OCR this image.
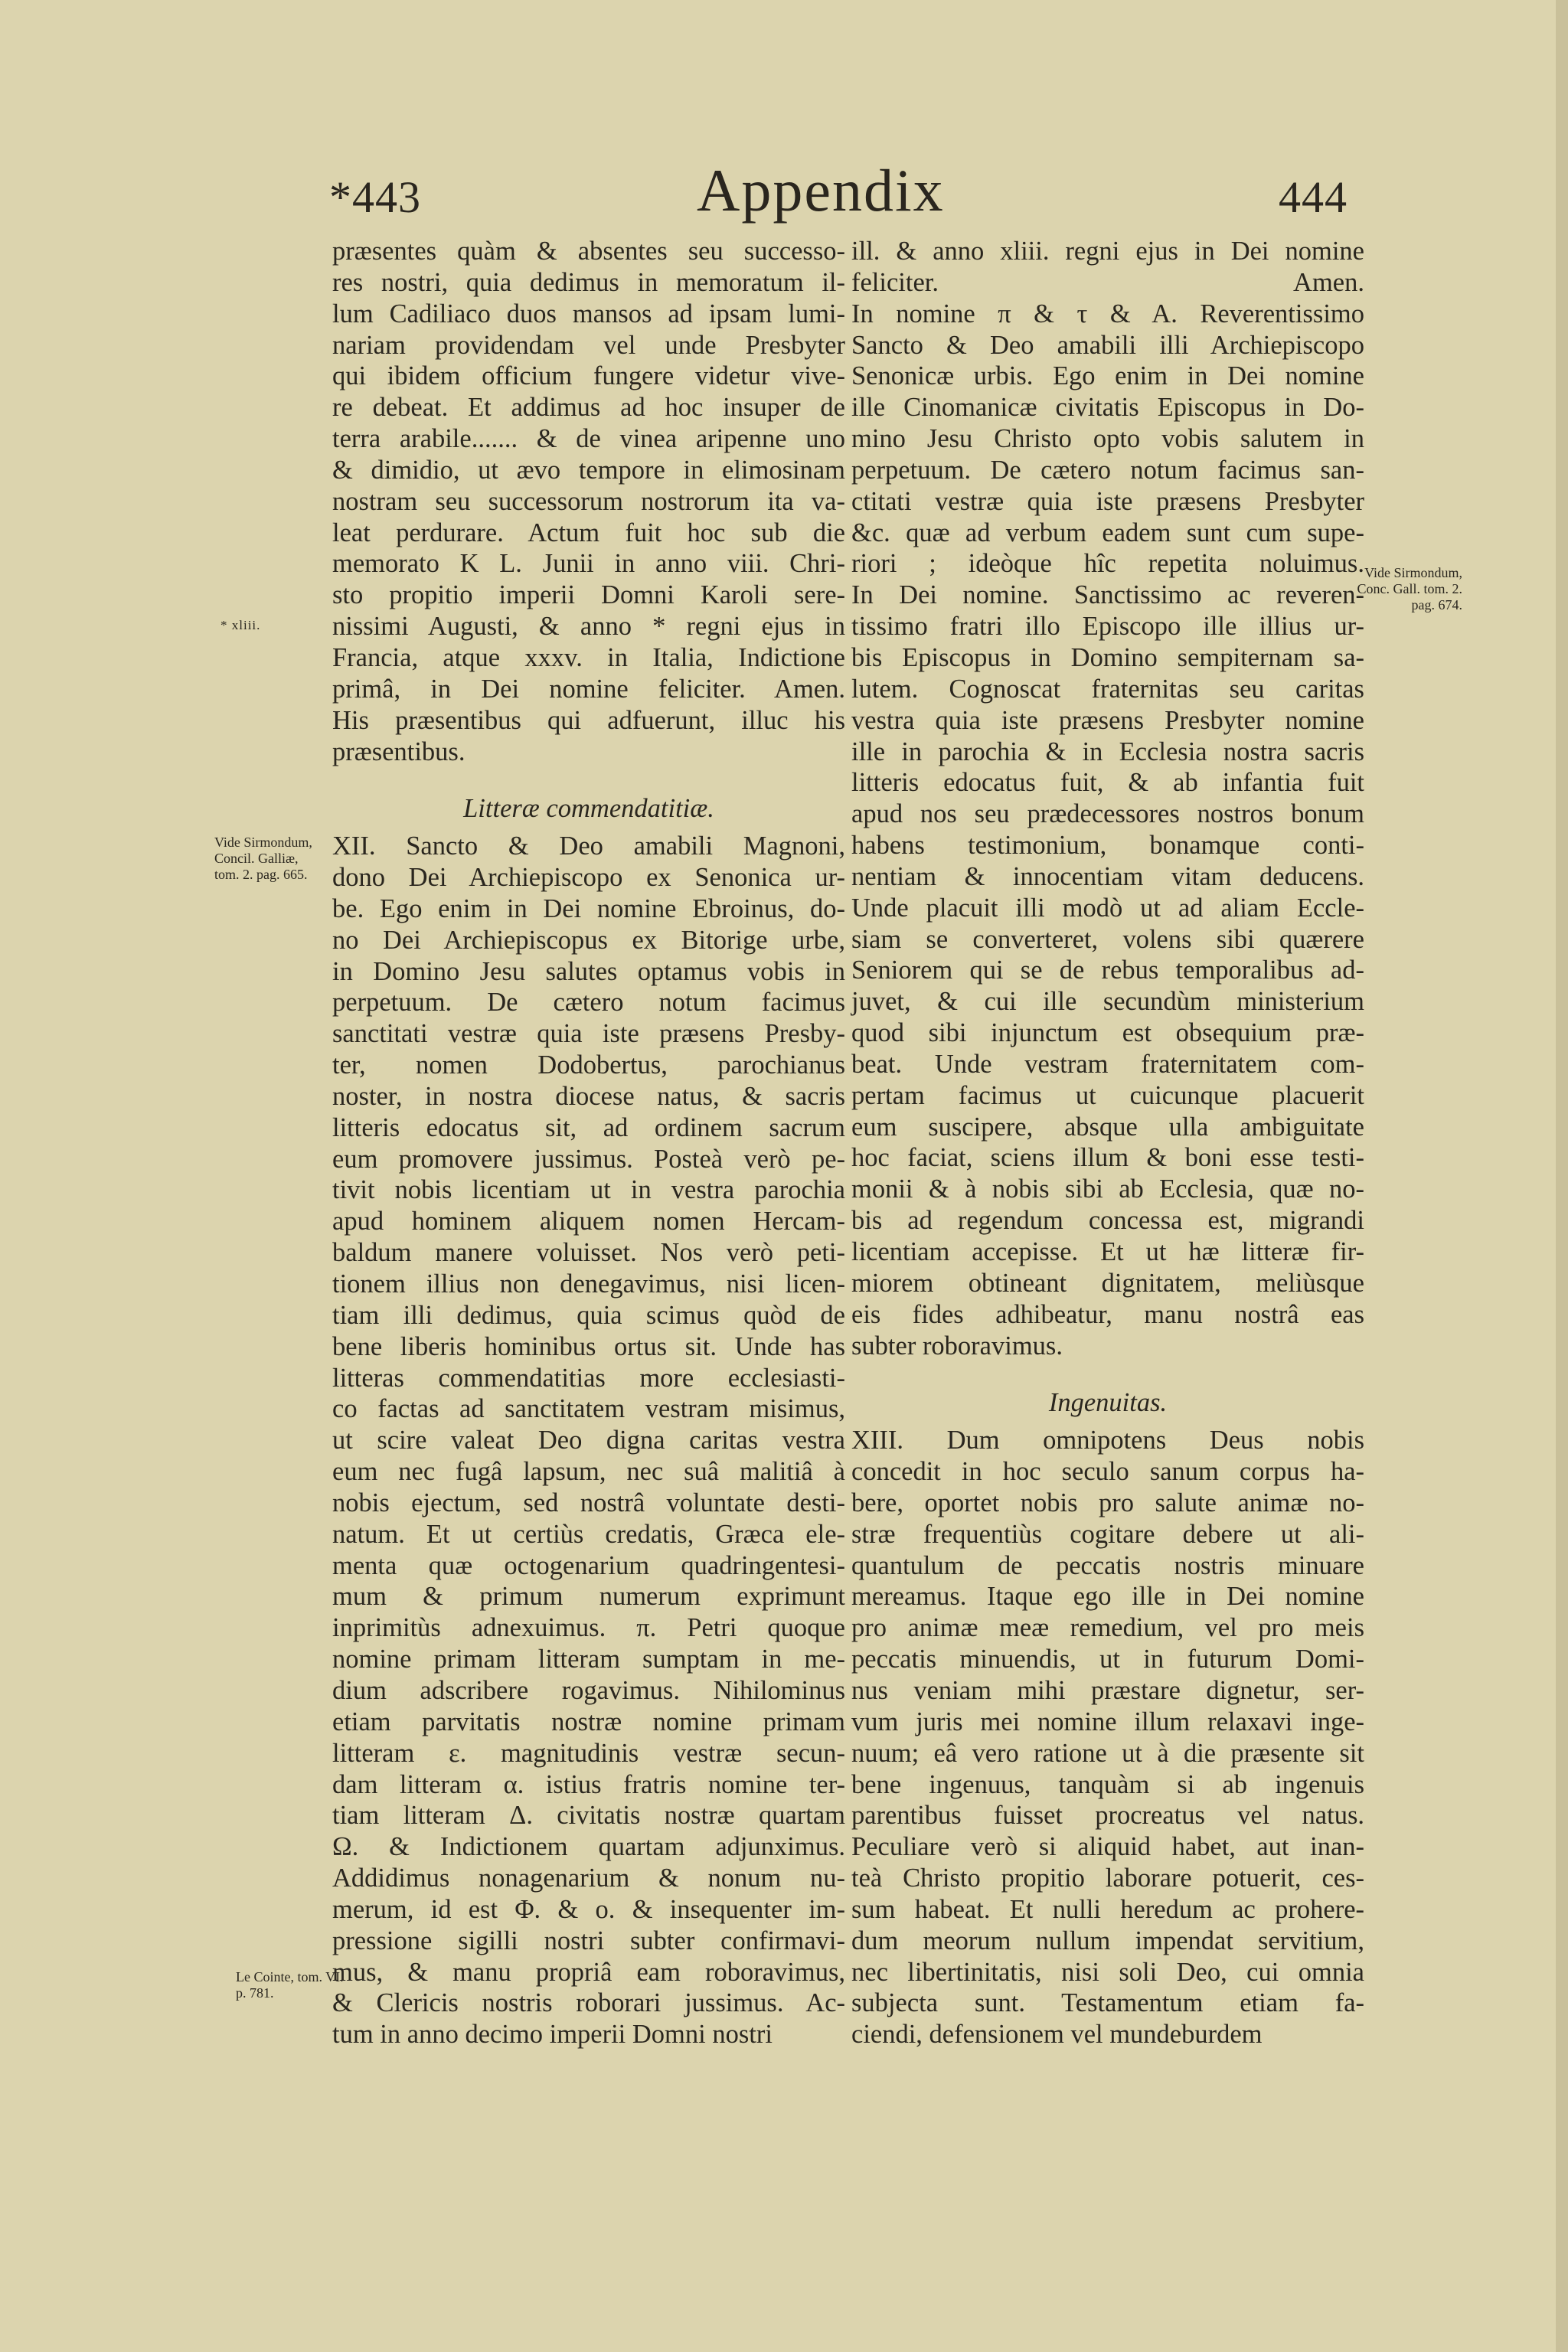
*443	Appendix	444
* xliii.
Vide Sirmondum, Concil. Galliæ, tom. 2. pag. 665.
Vide Sirmondum, Conc. Gall. tom. 2. pag. 674.
Le Cointe, tom. VI. p. 781.
præsentes quàm & absentes seu successo-
res nostri, quia dedimus in memoratum il-
lum Cadiliaco duos mansos ad ipsam lumi-
nariam providendam vel unde Presbyter
qui ibidem officium fungere videtur vive-
re debeat. Et addimus ad hoc insuper de
terra arabile....... & de vinea aripenne uno
& dimidio, ut ævo tempore in elimosinam
nostram seu successorum nostrorum ita va-
leat perdurare. Actum fuit hoc sub die
memorato K L. Junii in anno viii. Chri-
sto propitio imperii Domni Karoli sere-
nissimi Augusti, & anno * regni ejus in
Francia, atque xxxv. in Italia, Indictione
primâ, in Dei nomine feliciter. Amen.
His præsentibus qui adfuerunt, illuc his
præsentibus.
Litteræ commendatitiæ.
XII. Sancto & Deo amabili Magnoni,
dono Dei Archiepiscopo ex Senonica ur-
be. Ego enim in Dei nomine Ebroinus, do-
no Dei Archiepiscopus ex Bitorige urbe,
in Domino Jesu salutes optamus vobis in
perpetuum. De cætero notum facimus
sanctitati vestræ quia iste præsens Presby-
ter, nomen Dodobertus, parochianus
noster, in nostra diocese natus, & sacris
litteris edocatus sit, ad ordinem sacrum
eum promovere jussimus. Posteà verò pe-
tivit nobis licentiam ut in vestra parochia
apud hominem aliquem nomen Hercam-
baldum manere voluisset. Nos verò peti-
tionem illius non denegavimus, nisi licen-
tiam illi dedimus, quia scimus quòd de
bene liberis hominibus ortus sit. Unde has
litteras commendatitias more ecclesiasti-
co factas ad sanctitatem vestram misimus,
ut scire valeat Deo digna caritas vestra
eum nec fugâ lapsum, nec suâ malitiâ à
nobis ejectum, sed nostrâ voluntate desti-
natum. Et ut certiùs credatis, Græca ele-
menta quæ octogenarium quadringentesi-
mum & primum numerum exprimunt
inprimitùs adnexuimus. π. Petri quoque
nomine primam litteram sumptam in me-
dium adscribere rogavimus. Nihilominus
etiam parvitatis nostræ nomine primam
litteram ε. magnitudinis vestræ secun-
dam litteram α. istius fratris nomine ter-
tiam litteram Δ. civitatis nostræ quartam
Ω. & Indictionem quartam adjunximus.
Addidimus nonagenarium & nonum nu-
merum, id est Φ. & ο. & insequenter im-
pressione sigilli nostri subter confirmavi-
mus, & manu propriâ eam roboravimus,
& Clericis nostris roborari jussimus. Ac-
tum in anno decimo imperii Domni nostri
ill. & anno xliii. regni ejus in Dei nomine
feliciter. Amen.
In nomine π & τ & Α. Reverentissimo
Sancto & Deo amabili illi Archiepiscopo
Senonicæ urbis. Ego enim in Dei nomine
ille Cinomanicæ civitatis Episcopus in Do-
mino Jesu Christo opto vobis salutem in
perpetuum. De cætero notum facimus san-
ctitati vestræ quia iste præsens Presbyter
&c. quæ ad verbum eadem sunt cum supe-
riori ; ideòque hîc repetita noluimus.
In Dei nomine. Sanctissimo ac reveren-
tissimo fratri illo Episcopo ille illius ur-
bis Episcopus in Domino sempiternam sa-
lutem. Cognoscat fraternitas seu caritas
vestra quia iste præsens Presbyter nomine
ille in parochia & in Ecclesia nostra sacris
litteris edocatus fuit, & ab infantia fuit
apud nos seu prædecessores nostros bonum
habens testimonium, bonamque conti-
nentiam & innocentiam vitam deducens.
Unde placuit illi modò ut ad aliam Eccle-
siam se converteret, volens sibi quærere
Seniorem qui se de rebus temporalibus ad-
juvet, & cui ille secundùm ministerium
quod sibi injunctum est obsequium præ-
beat. Unde vestram fraternitatem com-
pertam facimus ut cuicunque placuerit
eum suscipere, absque ulla ambiguitate
hoc faciat, sciens illum & boni esse testi-
monii & à nobis sibi ab Ecclesia, quæ no-
bis ad regendum concessa est, migrandi
licentiam accepisse. Et ut hæ litteræ fir-
miorem obtineant dignitatem, meliùsque
eis fides adhibeatur, manu nostrâ eas
subter roboravimus.
Ingenuitas.
XIII. Dum omnipotens Deus nobis
concedit in hoc seculo sanum corpus ha-
bere, oportet nobis pro salute animæ no-
stræ frequentiùs cogitare debere ut ali-
quantulum de peccatis nostris minuare
mereamus. Itaque ego ille in Dei nomine
pro animæ meæ remedium, vel pro meis
peccatis minuendis, ut in futurum Domi-
nus veniam mihi præstare dignetur, ser-
vum juris mei nomine illum relaxavi inge-
nuum; eâ vero ratione ut à die præsente sit
bene ingenuus, tanquàm si ab ingenuis
parentibus fuisset procreatus vel natus.
Peculiare verò si aliquid habet, aut inan-
teà Christo propitio laborare potuerit, ces-
sum habeat. Et nulli heredum ac prohere-
dum meorum nullum impendat servitium,
nec libertinitatis, nisi soli Deo, cui omnia
subjecta sunt. Testamentum etiam fa-
ciendi, defensionem vel mundeburdem
